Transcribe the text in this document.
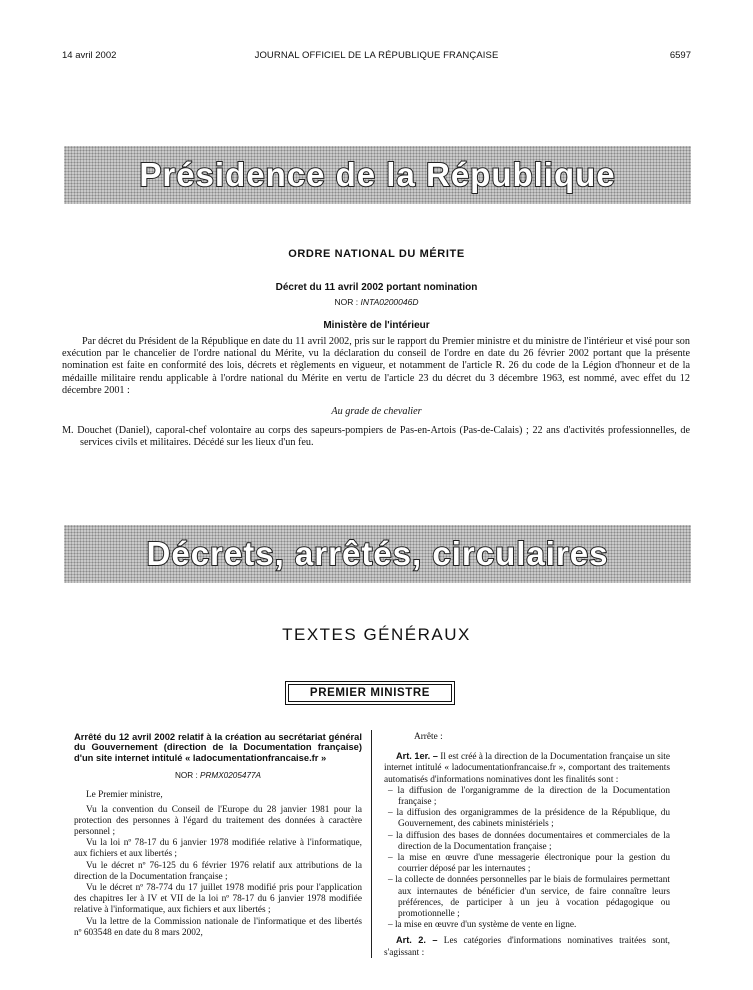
14 avril 2002	JOURNAL OFFICIEL DE LA RÉPUBLIQUE FRANÇAISE	6597
Présidence de la République
ORDRE NATIONAL DU MÉRITE
Décret du 11 avril 2002 portant nomination
NOR : INTA0200046D
Ministère de l'intérieur

Par décret du Président de la République en date du 11 avril 2002, pris sur le rapport du Premier ministre et du ministre de l'intérieur et visé pour son exécution par le chancelier de l'ordre national du Mérite, vu la déclaration du conseil de l'ordre en date du 26 février 2002 portant que la présente nomination est faite en conformité des lois, décrets et règlements en vigueur, et notamment de l'article R. 26 du code de la Légion d'honneur et de la médaille militaire rendu applicable à l'ordre national du Mérite en vertu de l'article 23 du décret du 3 décembre 1963, est nommé, avec effet du 12 décembre 2001 :

Au grade de chevalier

M. Douchet (Daniel), caporal-chef volontaire au corps des sapeurs-pompiers de Pas-en-Artois (Pas-de-Calais) ; 22 ans d'activités professionnelles, de services civils et militaires. Décédé sur les lieux d'un feu.

Décrets, arrêtés, circulaires
TEXTES GÉNÉRAUX
PREMIER MINISTRE
Arrêté du 12 avril 2002 relatif à la création au secrétariat général du Gouvernement (direction de la Documentation française) d'un site internet intitulé « ladocumentationfrancaise.fr »
NOR : PRMX0205477A

Le Premier ministre,

Vu la convention du Conseil de l'Europe du 28 janvier 1981 pour la protection des personnes à l'égard du traitement des données à caractère personnel ;

Vu la loi nº 78-17 du 6 janvier 1978 modifiée relative à l'informatique, aux fichiers et aux libertés ;

Vu le décret nº 76-125 du 6 février 1976 relatif aux attributions de la direction de la Documentation française ;

Vu le décret nº 78-774 du 17 juillet 1978 modifié pris pour l'application des chapitres Ier à IV et VII de la loi nº 78-17 du 6 janvier 1978 modifiée relative à l'informatique, aux fichiers et aux libertés ;

Vu la lettre de la Commission nationale de l'informatique et des libertés nº 603548 en date du 8 mars 2002,

Arrête :

Art. 1er. – Il est créé à la direction de la Documentation française un site internet intitulé « ladocumentationfrancaise.fr », comportant des traitements automatisés d'informations nominatives dont les finalités sont :

– la diffusion de l'organigramme de la direction de la Documentation française ;

– la diffusion des organigrammes de la présidence de la République, du Gouvernement, des cabinets ministériels ;

– la diffusion des bases de données documentaires et commerciales de la direction de la Documentation française ;

– la mise en œuvre d'une messagerie électronique pour la gestion du courrier déposé par les internautes ;

– la collecte de données personnelles par le biais de formulaires permettant aux internautes de bénéficier d'un service, de faire connaître leurs préférences, de participer à un jeu à vocation pédagogique ou promotionnelle ;

– la mise en œuvre d'un système de vente en ligne.

Art. 2. – Les catégories d'informations nominatives traitées sont, s'agissant :
